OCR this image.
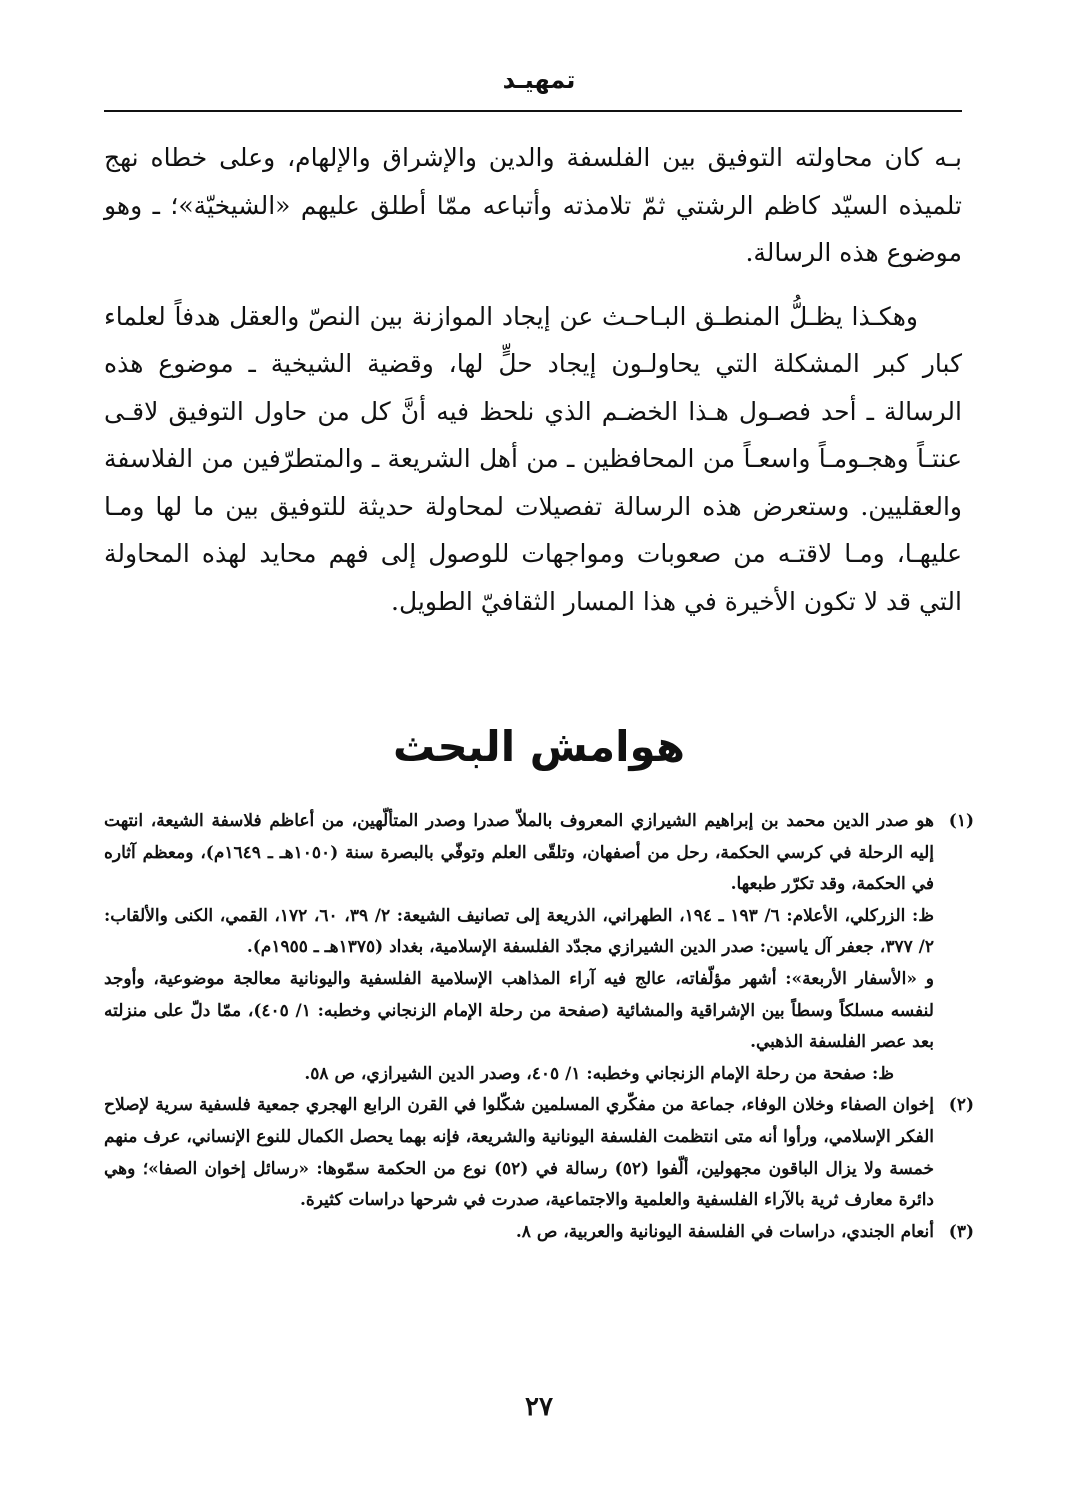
تمهيـد

بـه كان محاولته التوفيق بين الفلسفة والدين والإشراق والإلهام، وعلى خطاه نهج تلميذه السيّد كاظم الرشتي ثمّ تلامذته وأتباعه ممّا أطلق عليهم «الشيخيّة»؛ ـ وهو موضوع هذه الرسالة.

وهكـذا يظـلُّ المنطـق البـاحـث عن إيجاد الموازنة بين النصّ والعقل هدفاً لعلماء كبار كبر المشكلة التي يحاولـون إيجاد حلٍّ لها، وقضية الشيخية ـ موضوع هذه الرسالة ـ أحد فصـول هـذا الخضـم الذي نلحظ فيه أنَّ كل من حاول التوفيق لاقـى عنتـاً وهجـومـاً واسعـاً من المحافظين ـ من أهل الشريعة ـ والمتطرّفين من الفلاسفة والعقليين. وستعرض هذه الرسالة تفصيلات لمحاولة حديثة للتوفيق بين ما لها ومـا عليهـا، ومـا لاقتـه من صعوبات ومواجهات للوصول إلى فهم محايد لهذه المحاولة التي قد لا تكون الأخيرة في هذا المسار الثقافيّ الطويل.

هوامش البحث
(١)
هو صدر الدين محمد بن إبراهيم الشيرازي المعروف بالملاّ صدرا وصدر المتألّهين، من أعاظم فلاسفة الشيعة، انتهت إليه الرحلة في كرسي الحكمة، رحل من أصفهان، وتلقّى العلم وتوفّي بالبصرة سنة (١٠٥٠هـ ـ ١٦٤٩م)، ومعظم آثاره في الحكمة، وقد تكرّر طبعها.
ظ: الزركلي، الأعلام: ٦/ ١٩٣ ـ ١٩٤، الطهراني، الذريعة إلى تصانيف الشيعة: ٢/ ٣٩، ٦٠، ١٧٢، القمي، الكنى والألقاب: ٢/ ٣٧٧، جعفر آل ياسين: صدر الدين الشيرازي مجدّد الفلسفة الإسلامية، بغداد (١٣٧٥هـ ـ ١٩٥٥م).
و «الأسفار الأربعة»: أشهر مؤلّفاته، عالج فيه آراء المذاهب الإسلامية الفلسفية واليونانية معالجة موضوعية، وأوجد لنفسه مسلكاً وسطاً بين الإشراقية والمشائية (صفحة من رحلة الإمام الزنجاني وخطبه: ١/ ٤٠٥)، ممّا دلّ على منزلته بعد عصر الفلسفة الذهبي.
ظ: صفحة من رحلة الإمام الزنجاني وخطبه: ١/ ٤٠٥، وصدر الدين الشيرازي، ص ٥٨.
(٢)
إخوان الصفاء وخلان الوفاء، جماعة من مفكّري المسلمين شكّلوا في القرن الرابع الهجري جمعية فلسفية سرية لإصلاح الفكر الإسلامي، ورأوا أنه متى انتظمت الفلسفة اليونانية والشريعة، فإنه بهما يحصل الكمال للنوع الإنساني، عرف منهم خمسة ولا يزال الباقون مجهولين، ألّفوا (٥٢) رسالة في (٥٢) نوع من الحكمة سمّوها: «رسائل إخوان الصفا»؛ وهي دائرة معارف ثرية بالآراء الفلسفية والعلمية والاجتماعية، صدرت في شرحها دراسات كثيرة.
(٣)
أنعام الجندي، دراسات في الفلسفة اليونانية والعربية، ص ٨.
٢٧
